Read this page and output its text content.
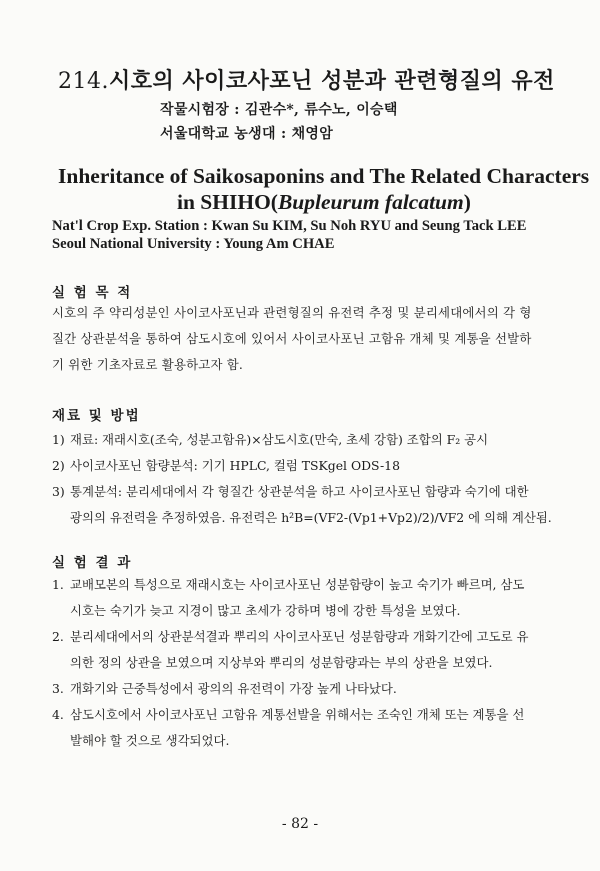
214.시호의 사이코사포닌 성분과 관련형질의 유전
작물시험장 : 김관수*, 류수노, 이승택
서울대학교 농생대 : 채영암
Inheritance of Saikosaponins and The Related Characters
in SHIHO(Bupleurum falcatum)
Nat'l Crop Exp. Station : Kwan Su KIM, Su Noh RYU and Seung Tack LEE
Seoul National University : Young Am CHAE
실 험 목 적
시호의 주 약리성분인 사이코사포닌과 관련형질의 유전력 추정 및 분리세대에서의 각 형
질간 상관분석을 통하여 삼도시호에 있어서 사이코사포닌 고함유 개체 및 계통을 선발하
기 위한 기초자료로 활용하고자 함.
재료 및 방법
1) 재료: 재래시호(조숙, 성분고함유)×삼도시호(만숙, 초세 강함) 조합의 F₂ 공시
2) 사이코사포닌 함량분석: 기기 HPLC, 컬럼 TSKgel ODS-18
3) 통계분석: 분리세대에서 각 형질간 상관분석을 하고 사이코사포닌 함량과 숙기에 대한
광의의 유전력을 추정하였음. 유전력은 h²B=(VF2-(Vp1+Vp2)/2)/VF2 에 의해 계산됨.
실 험 결 과
1. 교배모본의 특성으로 재래시호는 사이코사포닌 성분함량이 높고 숙기가 빠르며, 삼도
시호는 숙기가 늦고 지경이 많고 초세가 강하며 병에 강한 특성을 보였다.
2. 분리세대에서의 상관분석결과 뿌리의 사이코사포닌 성분함량과 개화기간에 고도로 유
의한 정의 상관을 보였으며 지상부와 뿌리의 성분함량과는 부의 상관을 보였다.
3. 개화기와 근중특성에서 광의의 유전력이 가장 높게 나타났다.
4. 삼도시호에서 사이코사포닌 고함유 계통선발을 위해서는 조숙인 개체 또는 계통을 선
발해야 할 것으로 생각되었다.
- 82 -
